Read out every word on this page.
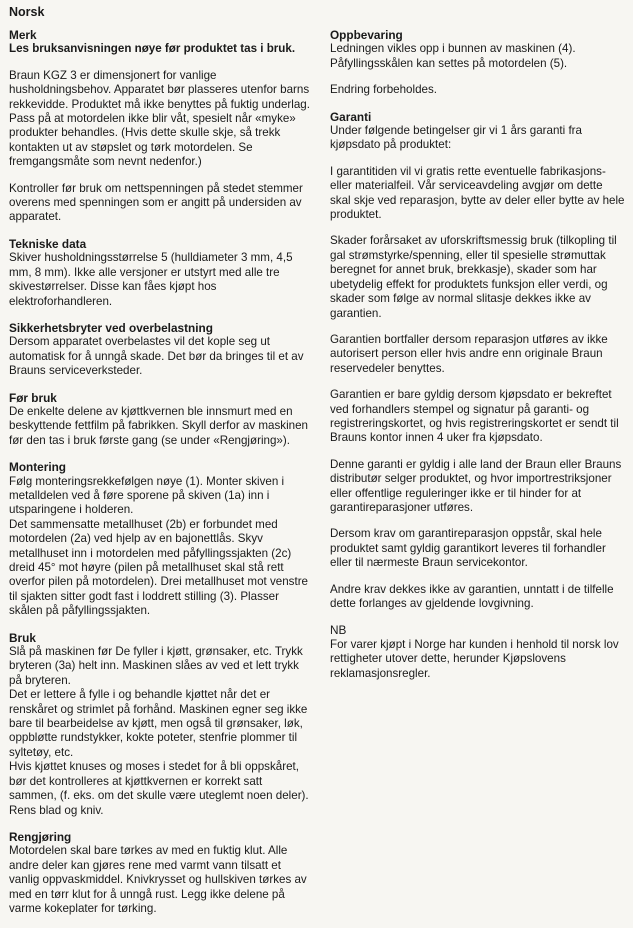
Norsk
Merk

Les bruksanvisningen nøye før produktet tas i bruk.

Braun KGZ 3 er dimensjonert for vanlige husholdningsbehov. Apparatet bør plasseres utenfor barns rekkevidde. Produktet må ikke benyttes på fuktig underlag. Pass på at motordelen ikke blir våt, spesielt når «myke» produkter behandles. (Hvis dette skulle skje, så trekk kontakten ut av støpslet og tørk motordelen. Se fremgangsmåte som nevnt nedenfor.)

Kontroller før bruk om nettspenningen på stedet stemmer overens med spenningen som er angitt på undersiden av apparatet.

Tekniske data

Skiver husholdningsstørrelse 5 (hulldiameter 3 mm, 4,5 mm, 8 mm). Ikke alle versjoner er utstyrt med alle tre skivestørrelser. Disse kan fåes kjøpt hos elektroforhandleren.

Sikkerhetsbryter ved overbelastning

Dersom apparatet overbelastes vil det kople seg ut automatisk for å unngå skade. Det bør da bringes til et av Brauns serviceverksteder.

Før bruk

De enkelte delene av kjøttkvernen ble innsmurt med en beskyttende fettfilm på fabrikken. Skyll derfor av maskinen før den tas i bruk første gang (se under «Rengjøring»).

Montering

Følg monteringsrekkefølgen nøye (1). Monter skiven i metalldelen ved å føre sporene på skiven (1a) inn i utsparingene i holderen.

Det sammensatte metallhuset (2b) er forbundet med motordelen (2a) ved hjelp av en bajonettlås. Skyv metallhuset inn i motordelen med påfyllingssjakten (2c) dreid 45° mot høyre (pilen på metallhuset skal stå rett overfor pilen på motordelen). Drei metallhuset mot venstre til sjakten sitter godt fast i loddrett stilling (3). Plasser skålen på påfyllingssjakten.

Bruk

Slå på maskinen før De fyller i kjøtt, grønsaker, etc. Trykk bryteren (3a) helt inn. Maskinen slåes av ved et lett trykk på bryteren.

Det er lettere å fylle i og behandle kjøttet når det er renskåret og strimlet på forhånd. Maskinen egner seg ikke bare til bearbeidelse av kjøtt, men også til grønsaker, løk, oppbløtte rundstykker, kokte poteter, stenfrie plommer til syltetøy, etc.

Hvis kjøttet knuses og moses i stedet for å bli oppskåret, bør det kontrolleres at kjøttkvernen er korrekt satt sammen, (f. eks. om det skulle være uteglemt noen deler). Rens blad og kniv.

Rengjøring

Motordelen skal bare tørkes av med en fuktig klut. Alle andre deler kan gjøres rene med varmt vann tilsatt et vanlig oppvaskmiddel. Knivkrysset og hullskiven tørkes av med en tørr klut for å unngå rust. Legg ikke delene på varme kokeplater for tørking.

Oppbevaring

Ledningen vikles opp i bunnen av maskinen (4). Påfyllingsskålen kan settes på motordelen (5).

Endring forbeholdes.

Garanti

Under følgende betingelser gir vi 1 års garanti fra kjøpsdato på produktet:

I garantitiden vil vi gratis rette eventuelle fabrikasjons- eller materialfeil. Vår serviceavdeling avgjør om dette skal skje ved reparasjon, bytte av deler eller bytte av hele produktet.

Skader forårsaket av uforskriftsmessig bruk (tilkopling til gal strømstyrke/spenning, eller til spesielle strømuttak beregnet for annet bruk, brekkasje), skader som har ubetydelig effekt for produktets funksjon eller verdi, og skader som følge av normal slitasje dekkes ikke av garantien.

Garantien bortfaller dersom reparasjon utføres av ikke autorisert person eller hvis andre enn originale Braun reservedeler benyttes.

Garantien er bare gyldig dersom kjøpsdato er bekreftet ved forhandlers stempel og signatur på garanti- og registreringskortet, og hvis registreringskortet er sendt til Brauns kontor innen 4 uker fra kjøpsdato.

Denne garanti er gyldig i alle land der Braun eller Brauns distributør selger produktet, og hvor importrestriksjoner eller offentlige reguleringer ikke er til hinder for at garantireparasjoner utføres.

Dersom krav om garantireparasjon oppstår, skal hele produktet samt gyldig garantikort leveres til forhandler eller til nærmeste Braun servicekontor.

Andre krav dekkes ikke av garantien, unntatt i de tilfelle dette forlanges av gjeldende lovgivning.

NB

For varer kjøpt i Norge har kunden i henhold til norsk lov rettigheter utover dette, herunder Kjøpslovens reklamasjonsregler.
